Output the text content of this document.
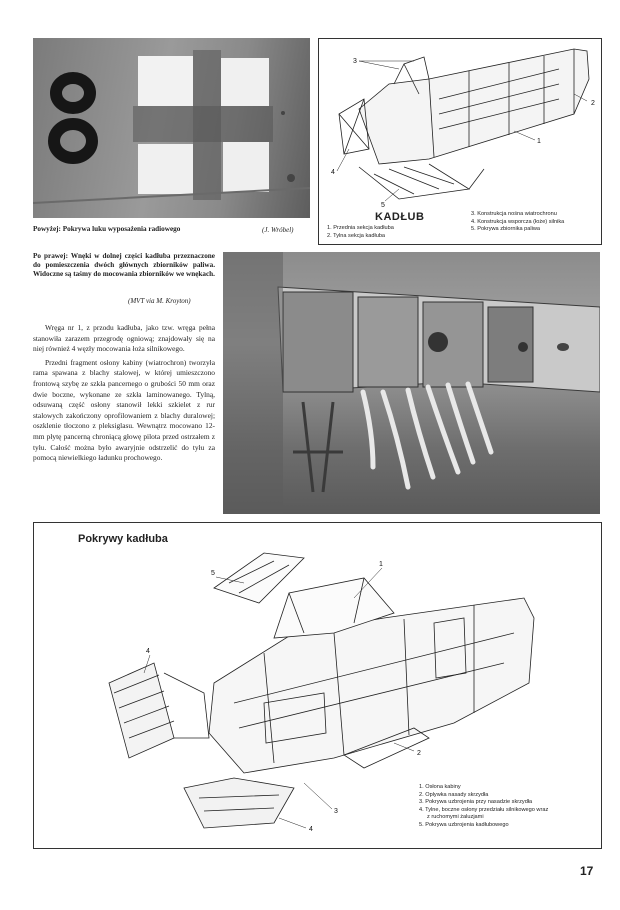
Powyżej: Pokrywa luku wyposażenia radiowego	(J. Wróbel)
3
2
1
4
5
KADŁUB
1. Przednia sekcja kadłuba
2. Tylna sekcja kadłuba
3. Konstrukcja nośna wiatrochronu
4. Konstrukcja wsporcza (łoże) silnika
5. Pokrywa zbiornika paliwa
Po prawej: Wnęki w dolnej części kadłuba przeznaczone do pomieszczenia dwóch głównych zbiorników paliwa. Widoczne są taśmy do mocowania zbiorników we wnękach.
(MVT via M. Kroyton)

Wręga nr 1, z przodu kadłuba, jako tzw. wręga pełna stanowiła zarazem przegrodę ogniową; znajdowały się na niej również 4 węzły mocowania łoża silnikowego.

Przedni fragment osłony kabiny (wiatrochron) tworzyła rama spawana z blachy stalowej, w której umieszczono frontową szybę ze szkła pancernego o grubości 50 mm oraz dwie boczne, wykonane ze szkła laminowanego. Tylną, odsuwaną część osłony stanowił lekki szkielet z rur stalowych zakończony oprofilowaniem z blachy duralowej; oszklenie tłoczono z pleksiglasu. Wewnątrz mocowano 12-mm płytę pancerną chroniącą głowę pilota przed ostrzałem z tyłu. Całość można było awaryjnie odstrzelić do tyłu za pomocą niewielkiego ładunku prochowego.

Pokrywy kadłuba
1
5
4
2
3
4
1. Osłona kabiny
2. Oplywka nasady skrzydła
3. Pokrywa uzbrojenia przy nasadzie skrzydła
4. Tylne, boczne osłony przedziału silnikowego wraz
z ruchomymi żaluzjami
5. Pokrywa uzbrojenia kadłubowego
17
